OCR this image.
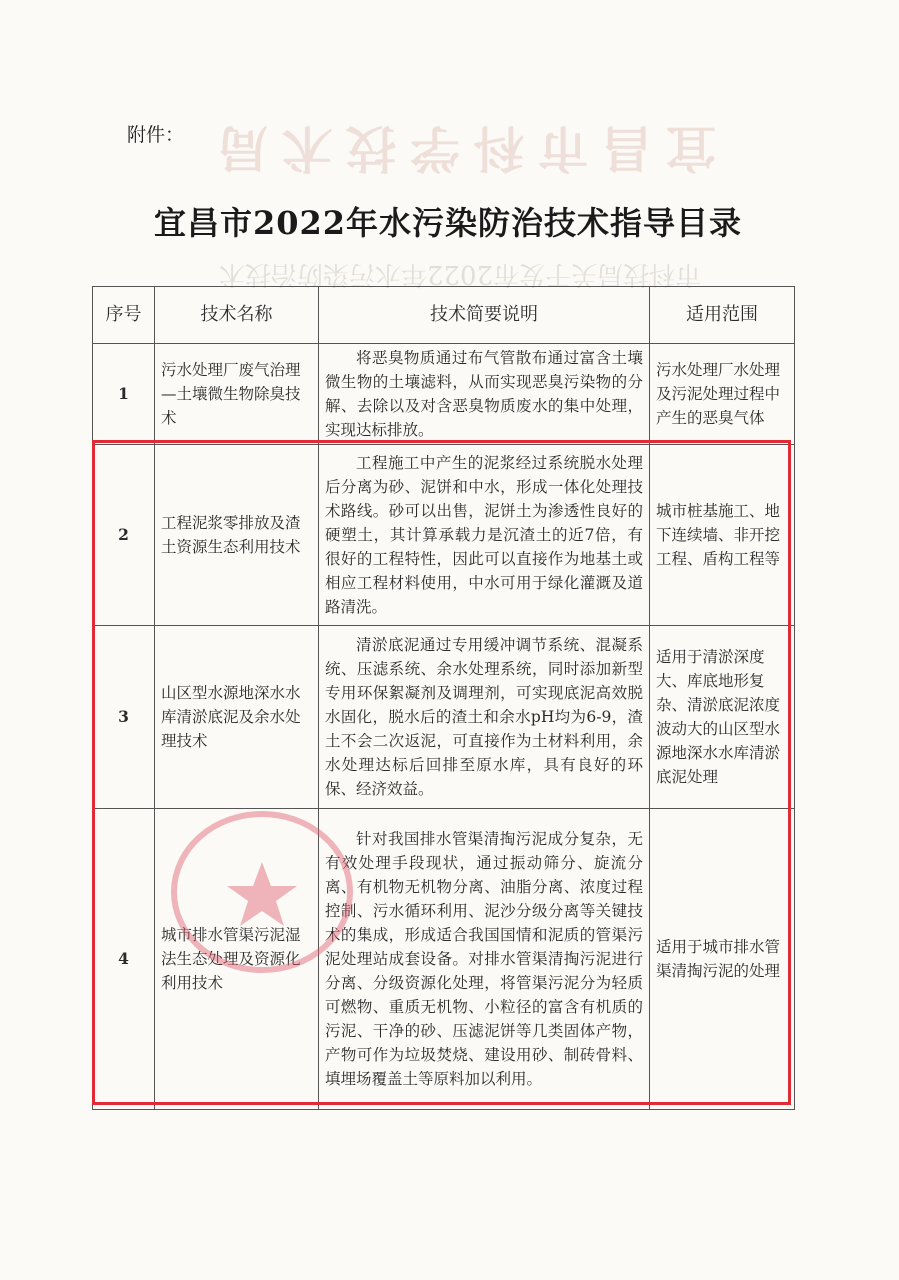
宜昌市科学技术局
市科技局关于发布2022年水污染防治技术
附件：
宜昌市2022年水污染防治技术指导目录
序号	技术名称	技术简要说明	适用范围
1	污水处理厂废气治理—土壤微生物除臭技术	将恶臭物质通过布气管散布通过富含土壤微生物的土壤滤料，从而实现恶臭污染物的分解、去除以及对含恶臭物质废水的集中处理，实现达标排放。	污水处理厂水处理及污泥处理过程中产生的恶臭气体
2	工程泥浆零排放及渣土资源生态利用技术	工程施工中产生的泥浆经过系统脱水处理后分离为砂、泥饼和中水，形成一体化处理技术路线。砂可以出售，泥饼土为渗透性良好的硬塑土，其计算承载力是沉渣土的近7倍，有很好的工程特性，因此可以直接作为地基土或相应工程材料使用，中水可用于绿化灌溉及道路清洗。	城市桩基施工、地下连续墙、非开挖工程、盾构工程等
3	山区型水源地深水水库清淤底泥及余水处理技术	清淤底泥通过专用缓冲调节系统、混凝系统、压滤系统、余水处理系统，同时添加新型专用环保絮凝剂及调理剂，可实现底泥高效脱水固化，脱水后的渣土和余水pH均为6-9，渣土不会二次返泥，可直接作为土材料利用，余水处理达标后回排至原水库，具有良好的环保、经济效益。	适用于清淤深度大、库底地形复杂、清淤底泥浓度波动大的山区型水源地深水水库清淤底泥处理
4	城市排水管渠污泥湿法生态处理及资源化利用技术	针对我国排水管渠清掏污泥成分复杂，无有效处理手段现状，通过振动筛分、旋流分离、有机物无机物分离、油脂分离、浓度过程控制、污水循环利用、泥沙分级分离等关键技术的集成，形成适合我国国情和泥质的管渠污泥处理站成套设备。对排水管渠清掏污泥进行分离、分级资源化处理，将管渠污泥分为轻质可燃物、重质无机物、小粒径的富含有机质的污泥、干净的砂、压滤泥饼等几类固体产物，产物可作为垃圾焚烧、建设用砂、制砖骨料、填埋场覆盖土等原料加以利用。	适用于城市排水管渠清掏污泥的处理
